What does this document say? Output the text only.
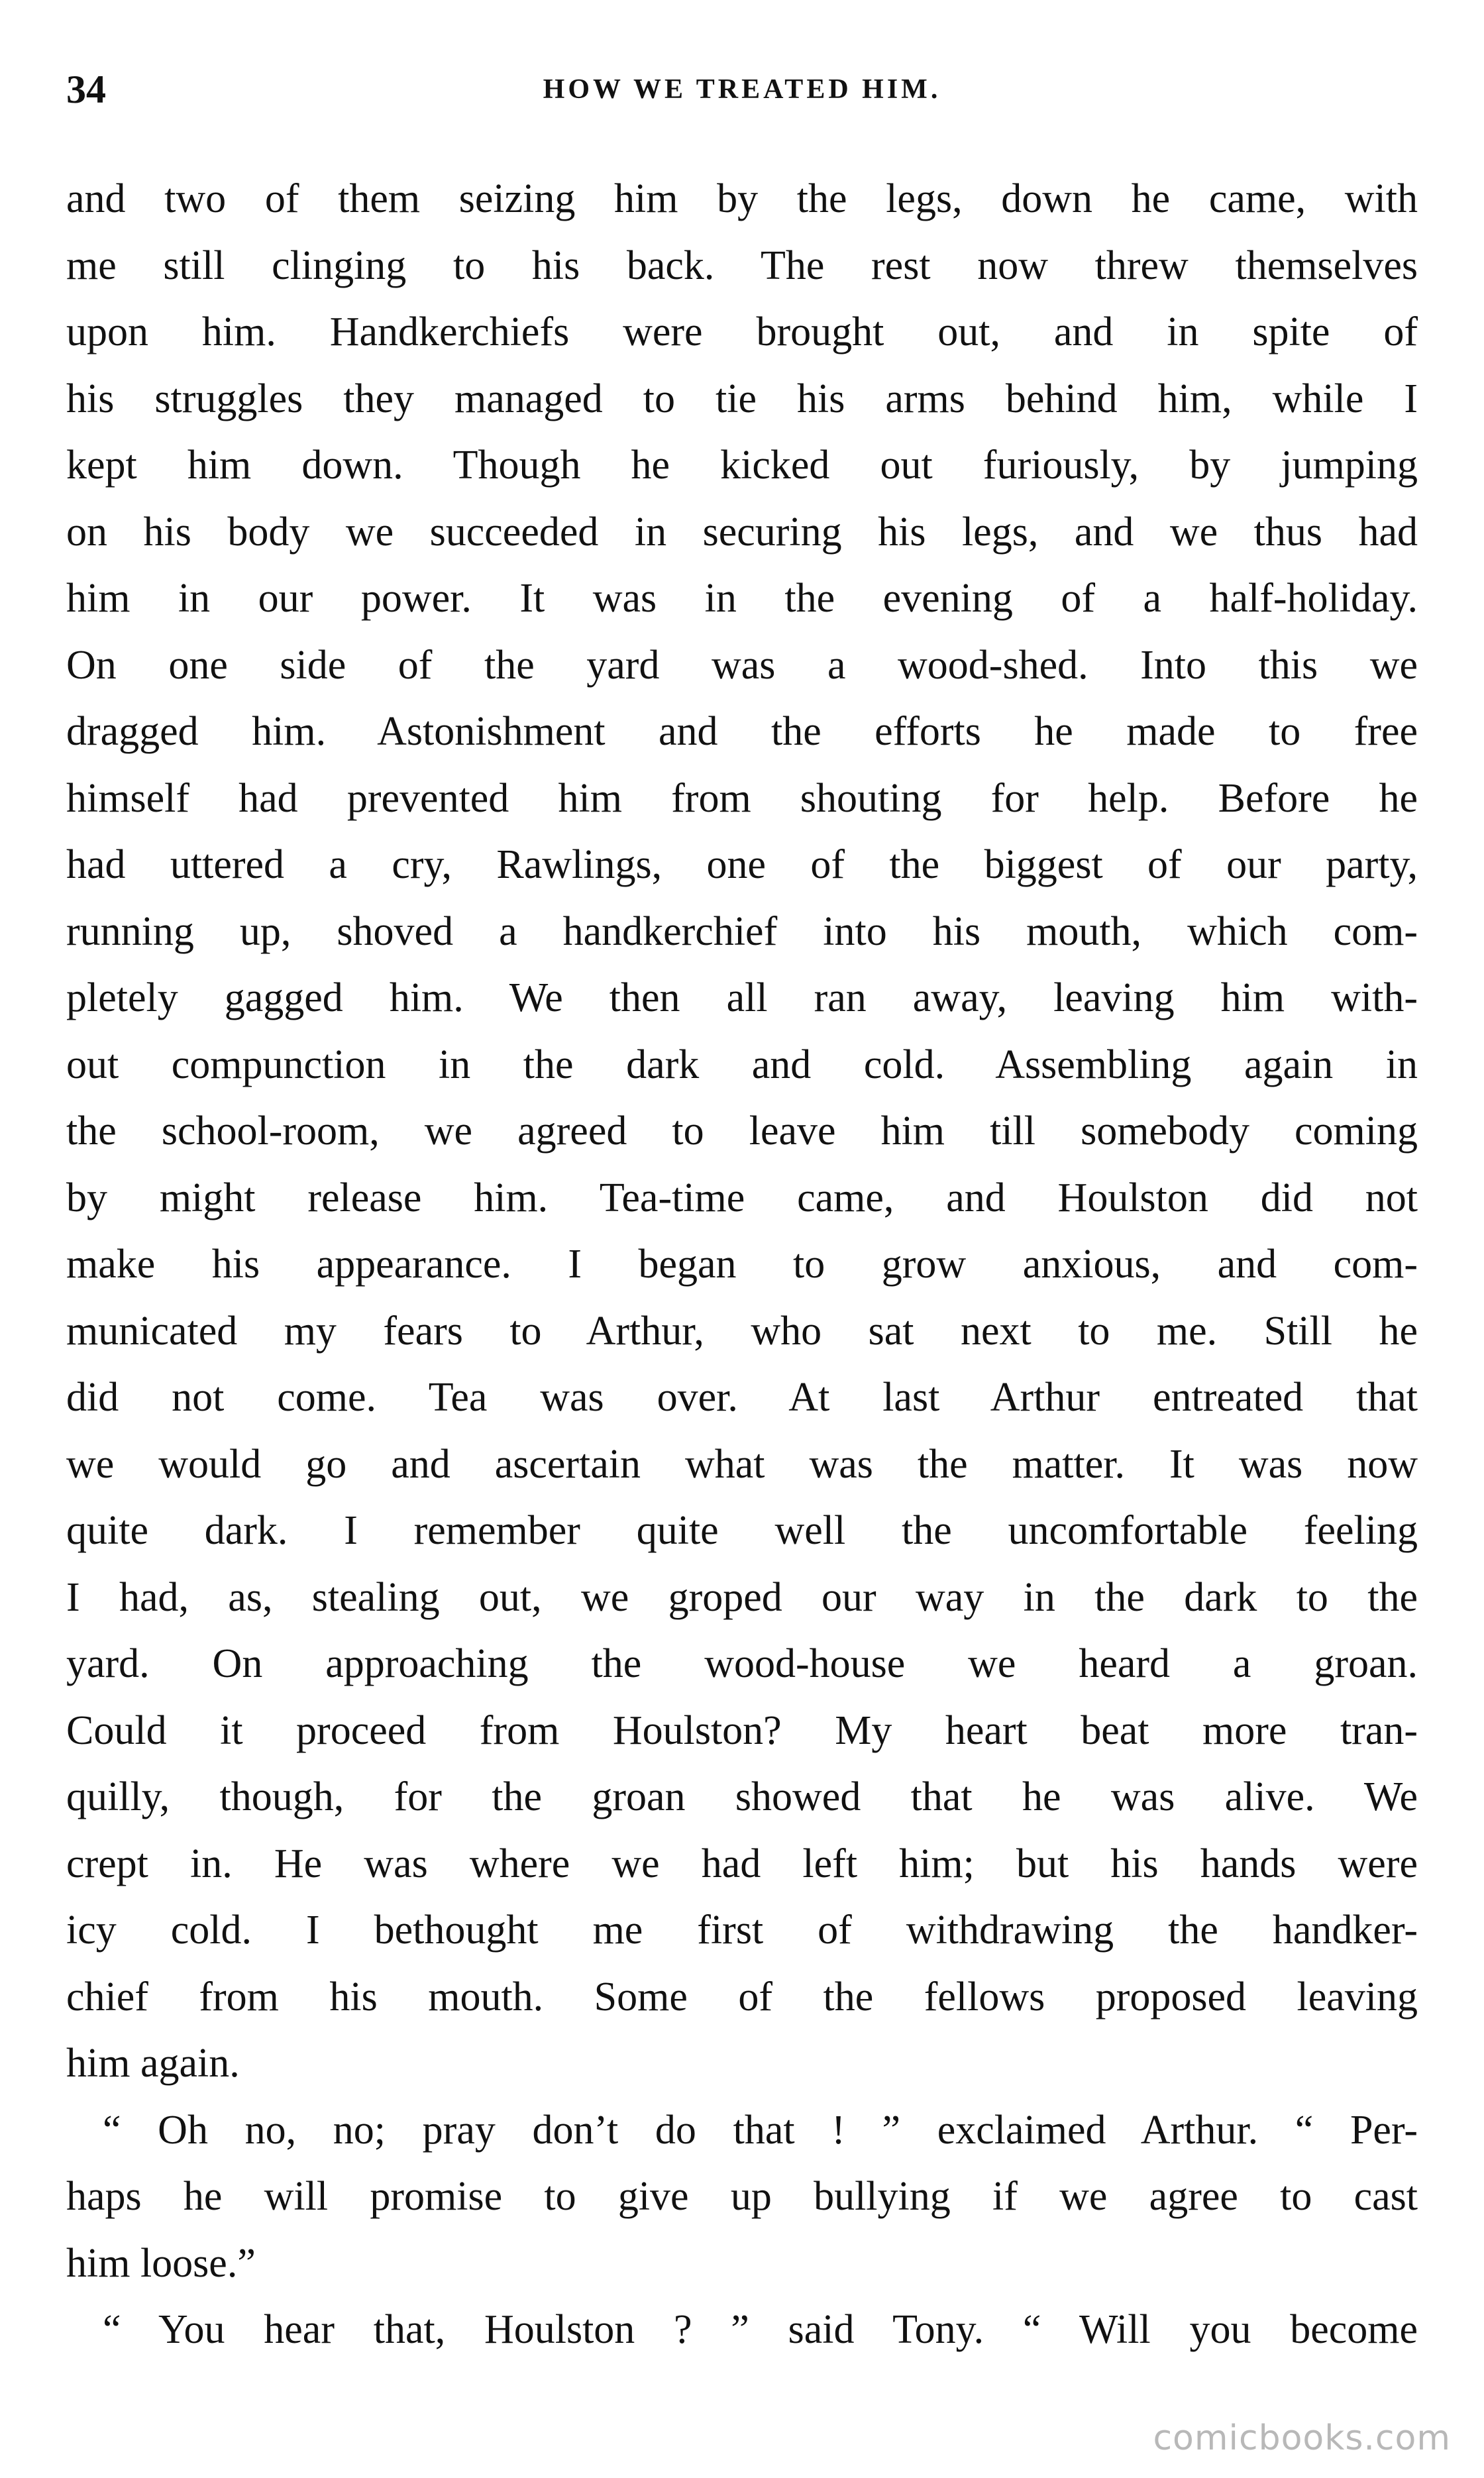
34	HOW WE TREATED HIM.
and two of them seizing him by the legs, down he came, with
me still clinging to his back. The rest now threw themselves
upon him. Handkerchiefs were brought out, and in spite of
his struggles they managed to tie his arms behind him, while I
kept him down. Though he kicked out furiously, by jumping
on his body we succeeded in securing his legs, and we thus had
him in our power. It was in the evening of a half-holiday.
On one side of the yard was a wood-shed. Into this we
dragged him. Astonishment and the efforts he made to free
himself had prevented him from shouting for help. Before he
had uttered a cry, Rawlings, one of the biggest of our party,
running up, shoved a handkerchief into his mouth, which com-
pletely gagged him. We then all ran away, leaving him with-
out compunction in the dark and cold. Assembling again in
the school-room, we agreed to leave him till somebody coming
by might release him. Tea-time came, and Houlston did not
make his appearance. I began to grow anxious, and com-
municated my fears to Arthur, who sat next to me. Still he
did not come. Tea was over. At last Arthur entreated that
we would go and ascertain what was the matter. It was now
quite dark. I remember quite well the uncomfortable feeling
I had, as, stealing out, we groped our way in the dark to the
yard. On approaching the wood-house we heard a groan.
Could it proceed from Houlston? My heart beat more tran-
quilly, though, for the groan showed that he was alive. We
crept in. He was where we had left him; but his hands were
icy cold. I bethought me first of withdrawing the handker-
chief from his mouth. Some of the fellows proposed leaving
him again.
“ Oh no, no; pray don’t do that ! ” exclaimed Arthur. “ Per-
haps he will promise to give up bullying if we agree to cast
him loose.”
“ You hear that, Houlston ? ” said Tony. “ Will you become
comicbooks.com
